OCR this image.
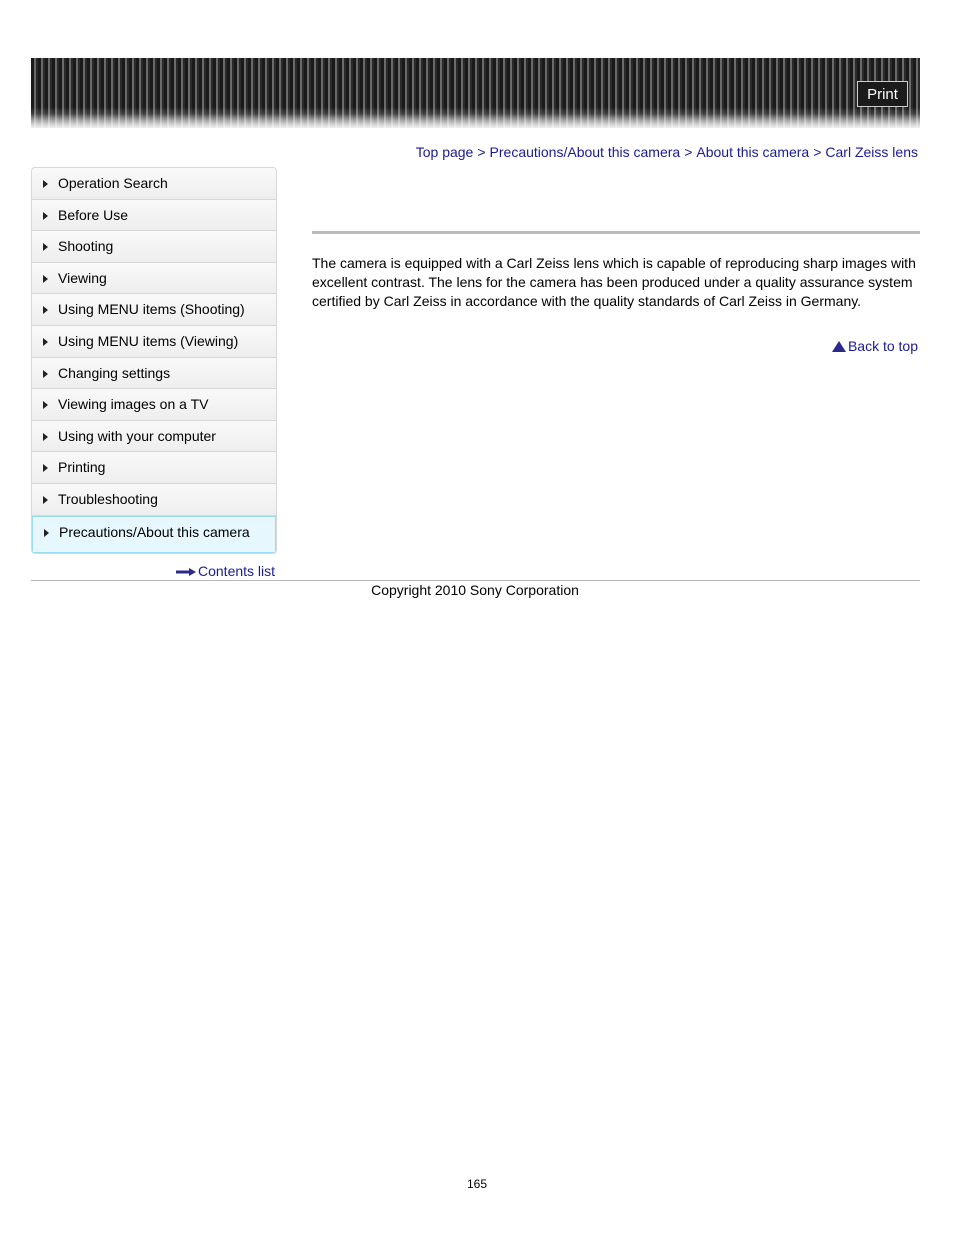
Print
Top page > Precautions/About this camera > About this camera > Carl Zeiss lens
Operation Search
Before Use
Shooting
Viewing
Using MENU items (Shooting)
Using MENU items (Viewing)
Changing settings
Viewing images on a TV
Using with your computer
Printing
Troubleshooting
Precautions/About this camera
Contents list
The camera is equipped with a Carl Zeiss lens which is capable of reproducing sharp images with excellent contrast. The lens for the camera has been produced under a quality assurance system certified by Carl Zeiss in accordance with the quality standards of Carl Zeiss in Germany.
Back to top
Copyright 2010 Sony Corporation
165
